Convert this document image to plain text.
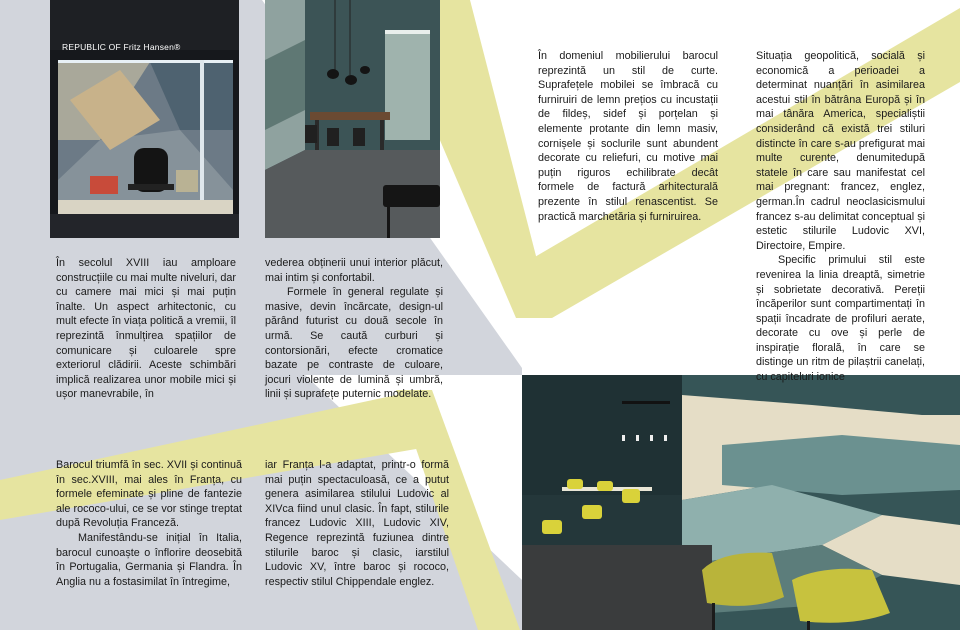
REPUBLIC OF Fritz Hansen®

În secolul XVIII iau amploare construcțiile cu mai multe niveluri, dar cu camere mai mici și mai puțin înalte. Un aspect arhitectonic, cu mult efecte în viața politică a vremii, îl reprezintă înmulțirea spațiilor de comunicare și culoarele spre exteriorul clădirii. Aceste schimbări implică realizarea unor mobile mici și ușor manevrabile, în

vederea obținerii unui interior plăcut, mai intim și confortabil.

Formele în general regulate și masive, devin încărcate, design-ul părând futurist cu două secole în urmă. Se caută curburi și contorsionări, efecte cromatice bazate pe contraste de culoare, jocuri violente de lumină și umbră, linii și suprafețe puternic modelate.

Barocul triumfă în sec. XVII și continuă în sec.XVIII, mai ales în Franța, cu formele efeminate și pline de fantezie ale rococo-ului, ce se vor stinge treptat după Revoluția Franceză.

Manifestându-se inițial în Italia, barocul cunoaște o înflorire deosebită în Portugalia, Germania și Flandra. În Anglia nu a fostasimilat în întregime,

iar Franța l-a adaptat, printr-o formă mai puțin spectaculoasă, ce a putut genera asimilarea stilului Ludovic al XIVca fiind unul clasic. În fapt, stilurile francez Ludovic XIII, Ludovic XIV, Regence reprezintă fuziunea dintre stilurile baroc și clasic, iarstilul Ludovic XV, între baroc și rococo, respectiv stilul Chippendale englez.

În domeniul mobilierului barocul reprezintă un stil de curte. Suprafețele mobilei se îmbracă cu furniruiri de lemn prețios cu incustații de fildeș, sidef și porțelan și elemente protante din lemn masiv, cornișele și soclurile sunt abundent decorate cu reliefuri, cu motive mai puțin riguros echilibrate decât formele de factură arhitecturală prezente în stilul renascentist. Se practică marchetăria și furniruirea.

Situația geopolitică, socială și economică a perioadei a determinat nuanțări în asimilarea acestui stil în bătrâna Europă și în mai tânăra America, specialiștii considerând că există trei stiluri distincte în care s-au prefigurat mai multe curente, denumitedupă statele în care sau manifestat cel mai pregnant: francez, englez, german.În cadrul neoclasicismului francez s-au delimitat conceptual și estetic stilurile Ludovic XVI, Directoire, Empire.

Specific primului stil este revenirea la linia dreaptă, simetrie și sobrietate decorativă. Pereții încăperilor sunt compartimentați în spații încadrate de profiluri aerate, decorate cu ove și perle de inspirație florală, în care se distinge un ritm de pilaștrii canelați, cu capiteluri ionice
